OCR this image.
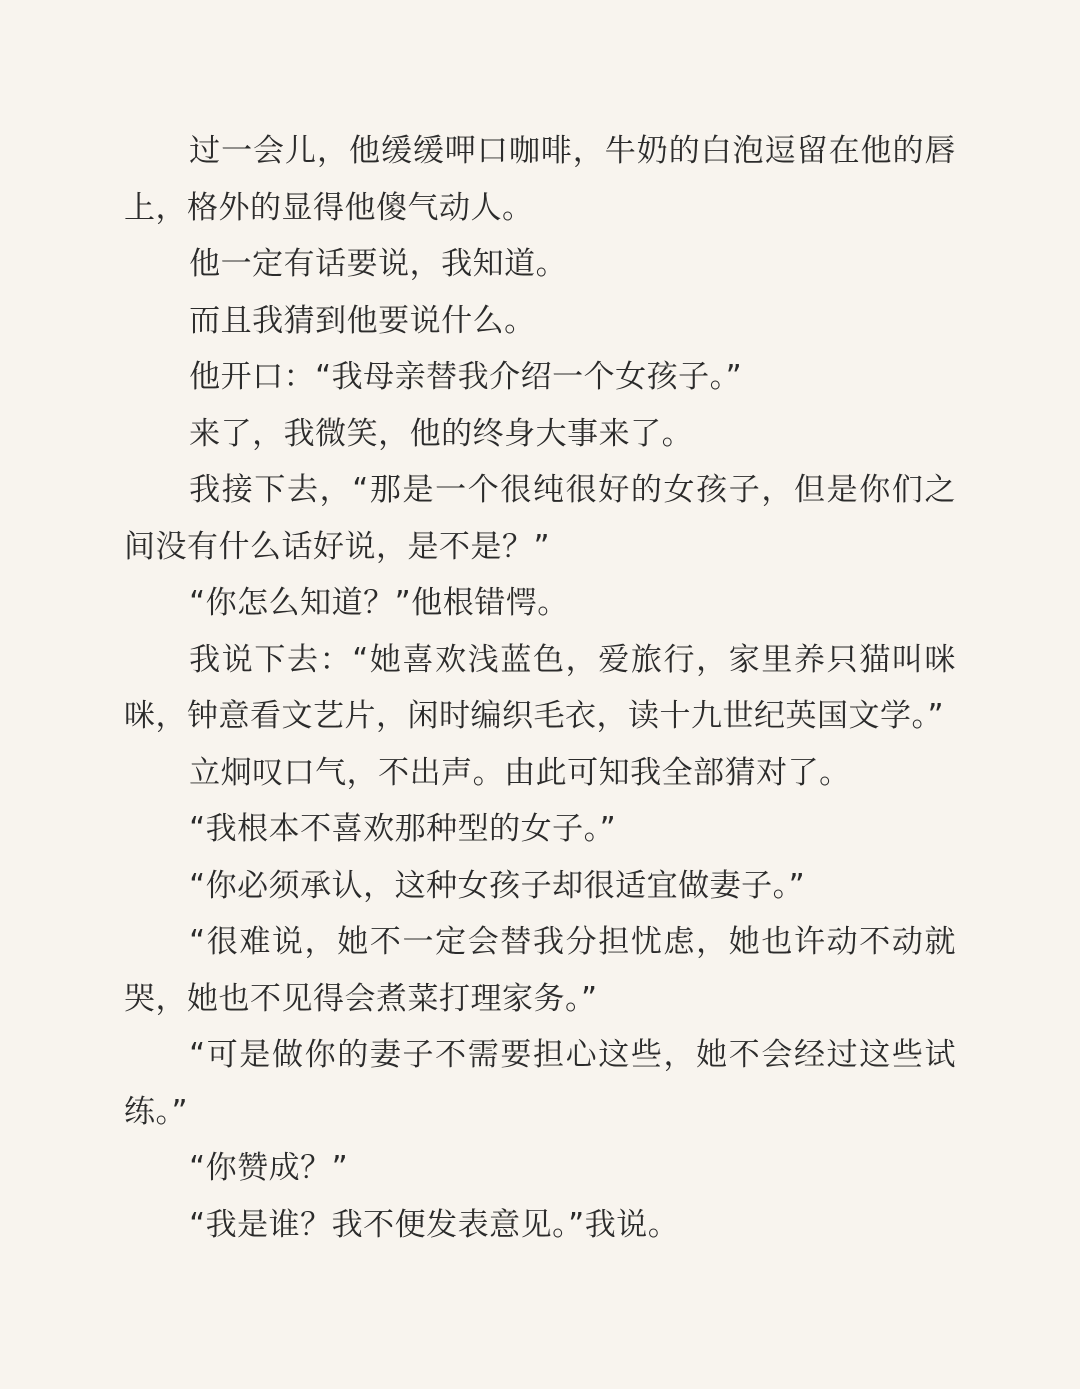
过一会儿，他缓缓呷口咖啡，牛奶的白泡逗留在他的唇上，格外的显得他傻气动人。

他一定有话要说，我知道。

而且我猜到他要说什么。

他开口：“我母亲替我介绍一个女孩子。”

来了，我微笑，他的终身大事来了。

我接下去，“那是一个很纯很好的女孩子，但是你们之间没有什么话好说，是不是？”

“你怎么知道？”他根错愕。

我说下去：“她喜欢浅蓝色，爱旅行，家里养只猫叫咪咪，钟意看文艺片，闲时编织毛衣，读十九世纪英国文学。”

立炯叹口气，不出声。由此可知我全部猜对了。

“我根本不喜欢那种型的女子。”

“你必须承认，这种女孩子却很适宜做妻子。”

“很难说，她不一定会替我分担忧虑，她也许动不动就哭，她也不见得会煮菜打理家务。”

“可是做你的妻子不需要担心这些，她不会经过这些试练。”

“你赞成？”

“我是谁？我不便发表意见。”我说。
